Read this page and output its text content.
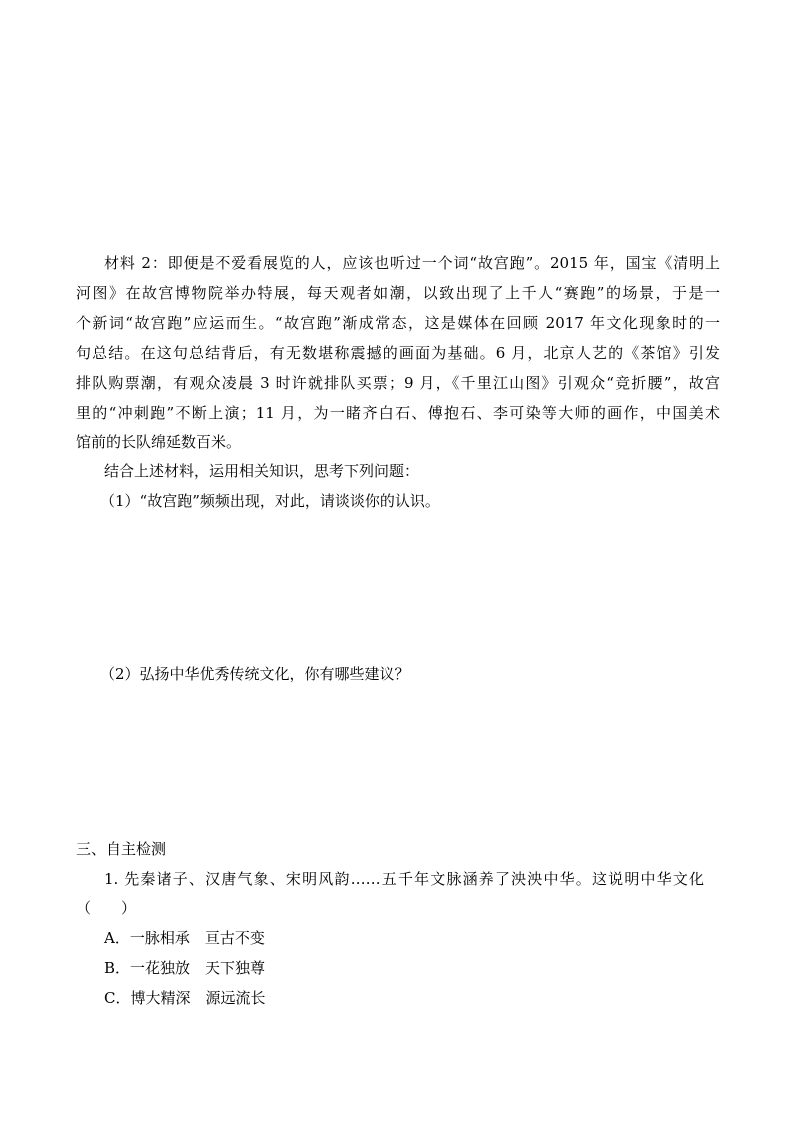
材料 2：即便是不爱看展览的人，应该也听过一个词“故宫跑”。2015 年，国宝《清明上
河图》在故宫博物院举办特展，每天观者如潮，以致出现了上千人“赛跑”的场景，于是一
个新词“故宫跑”应运而生。“故宫跑”渐成常态，这是媒体在回顾 2017 年文化现象时的一
句总结。在这句总结背后，有无数堪称震撼的画面为基础。6 月，北京人艺的《茶馆》引发
排队购票潮，有观众凌晨 3 时许就排队买票；9 月，《千里江山图》引观众“竞折腰”，故宫
里的“冲刺跑”不断上演；11 月，为一睹齐白石、傅抱石、李可染等大师的画作，中国美术
馆前的长队绵延数百米。
结合上述材料，运用相关知识，思考下列问题：
（1）“故宫跑”频频出现，对此，请谈谈你的认识。
（2）弘扬中华优秀传统文化，你有哪些建议？
三、自主检测
1. 先秦诸子、汉唐气象、宋明风韵……五千年文脉涵养了泱泱中华。这说明中华文化
（　　）
A．一脉相承　亘古不变
B．一花独放　天下独尊
C．博大精深　源远流长
